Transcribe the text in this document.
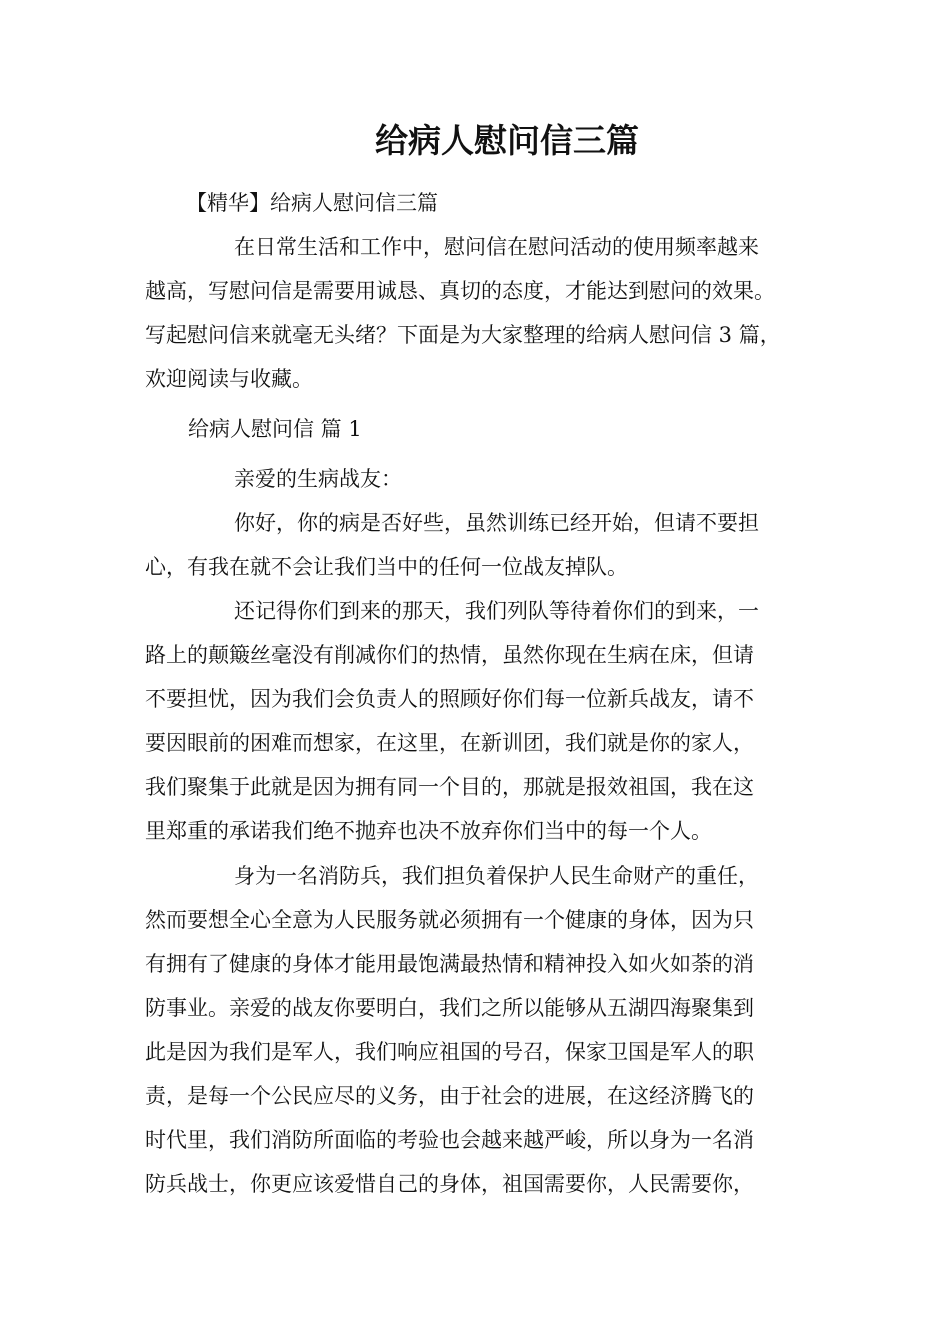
给病人慰问信三篇
【精华】给病人慰问信三篇
在日常生活和工作中，慰问信在慰问活动的使用频率越来
越高，写慰问信是需要用诚恳、真切的态度，才能达到慰问的效果。
写起慰问信来就毫无头绪？下面是为大家整理的给病人慰问信 3 篇，
欢迎阅读与收藏。
给病人慰问信 篇 1
亲爱的生病战友：
你好，你的病是否好些，虽然训练已经开始，但请不要担
心，有我在就不会让我们当中的任何一位战友掉队。
还记得你们到来的那天，我们列队等待着你们的到来，一
路上的颠簸丝毫没有削减你们的热情，虽然你现在生病在床，但请
不要担忧，因为我们会负责人的照顾好你们每一位新兵战友，请不
要因眼前的困难而想家，在这里，在新训团，我们就是你的家人，
我们聚集于此就是因为拥有同一个目的，那就是报效祖国，我在这
里郑重的承诺我们绝不抛弃也决不放弃你们当中的每一个人。
身为一名消防兵，我们担负着保护人民生命财产的重任，
然而要想全心全意为人民服务就必须拥有一个健康的身体，因为只
有拥有了健康的身体才能用最饱满最热情和精神投入如火如荼的消
防事业。亲爱的战友你要明白，我们之所以能够从五湖四海聚集到
此是因为我们是军人，我们响应祖国的号召，保家卫国是军人的职
责，是每一个公民应尽的义务，由于社会的进展，在这经济腾飞的
时代里，我们消防所面临的考验也会越来越严峻，所以身为一名消
防兵战士，你更应该爱惜自己的身体，祖国需要你，人民需要你，
